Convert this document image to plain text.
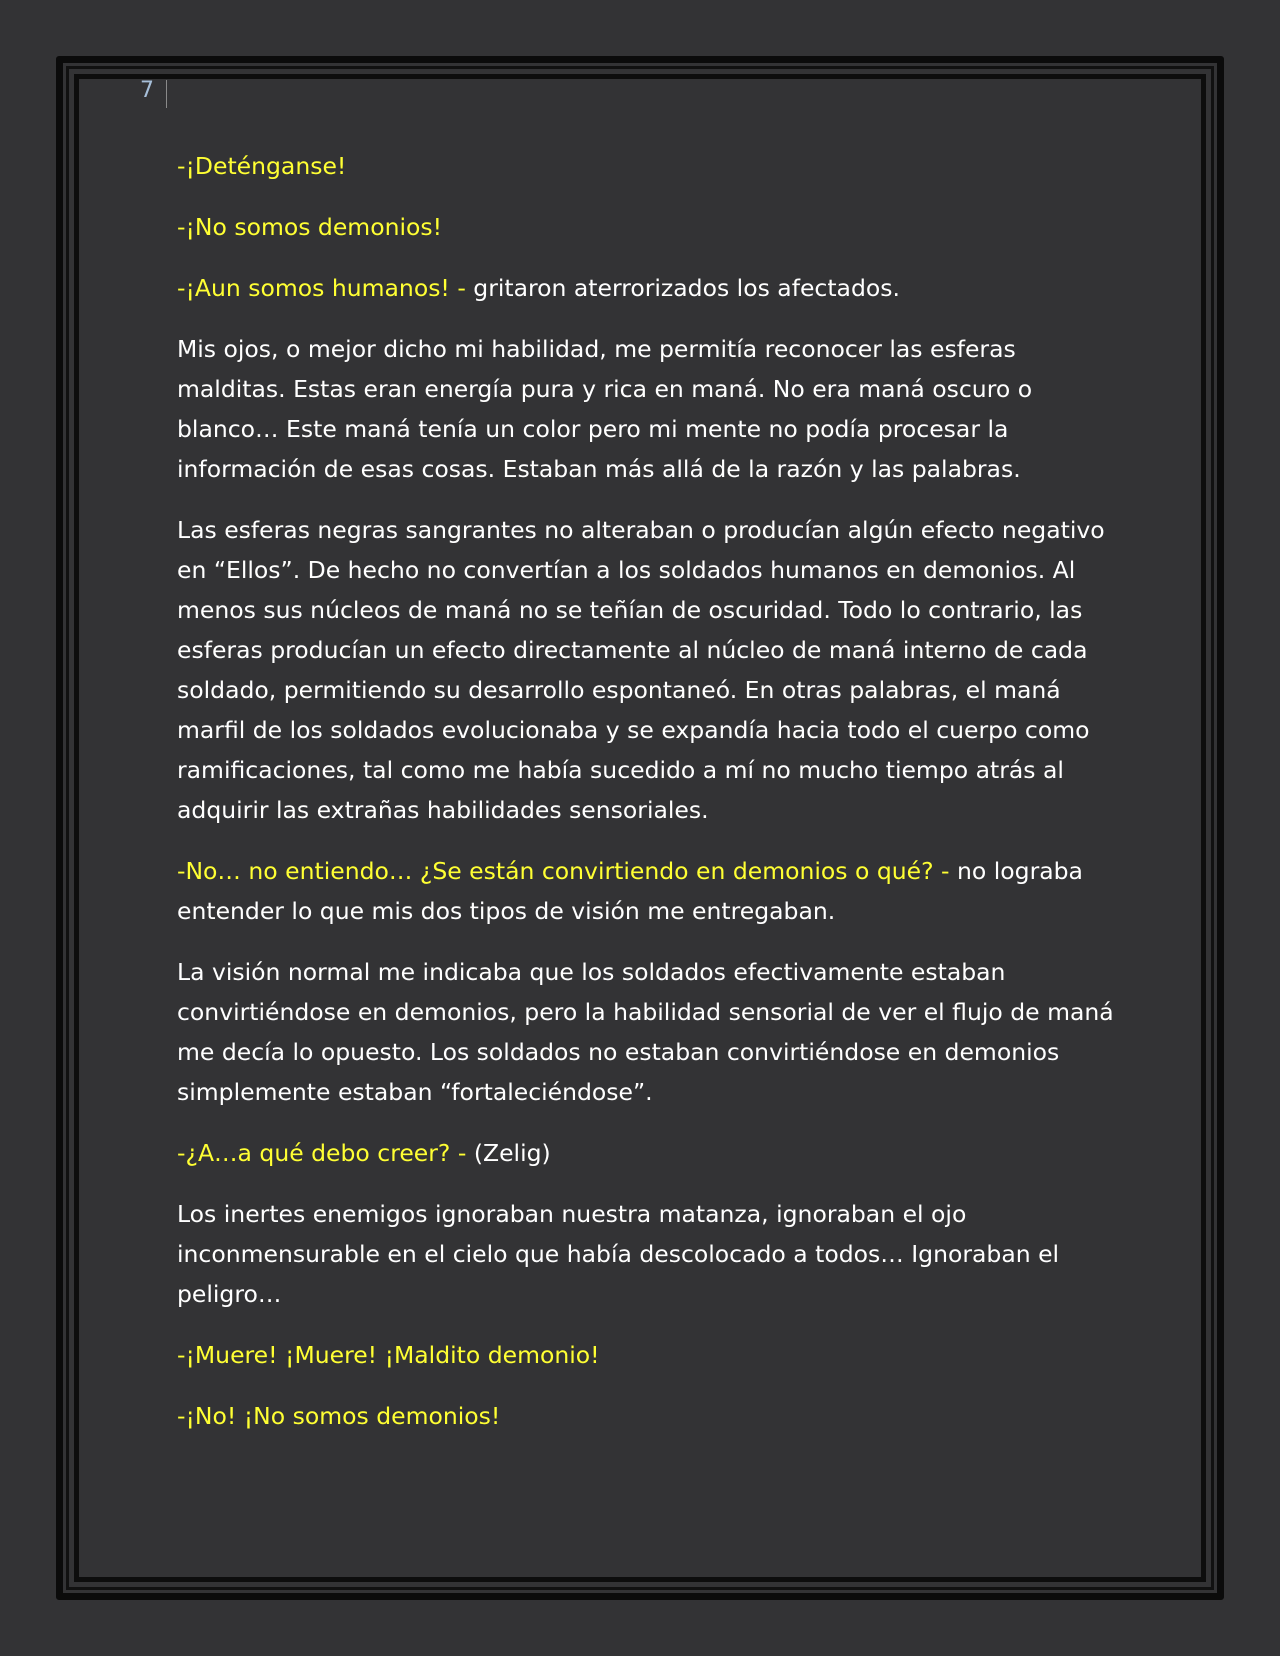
7

-¡Deténganse!

-¡No somos demonios!

-¡Aun somos humanos! - gritaron aterrorizados los afectados.

Mis ojos, o mejor dicho mi habilidad, me permitía reconocer las esferas malditas. Estas eran energía pura y rica en maná. No era maná oscuro o blanco… Este maná tenía un color pero mi mente no podía procesar la información de esas cosas. Estaban más allá de la razón y las palabras.

Las esferas negras sangrantes no alteraban o producían algún efecto negativo en “Ellos”. De hecho no convertían a los soldados humanos en demonios. Al menos sus núcleos de maná no se teñían de oscuridad. Todo lo contrario, las esferas producían un efecto directamente al núcleo de maná interno de cada soldado, permitiendo su desarrollo espontaneó. En otras palabras, el maná marfil de los soldados evolucionaba y se expandía hacia todo el cuerpo como ramificaciones, tal como me había sucedido a mí no mucho tiempo atrás al adquirir las extrañas habilidades sensoriales.

-No… no entiendo… ¿Se están convirtiendo en demonios o qué? - no lograba entender lo que mis dos tipos de visión me entregaban.

La visión normal me indicaba que los soldados efectivamente estaban convirtiéndose en demonios, pero la habilidad sensorial de ver el flujo de maná me decía lo opuesto. Los soldados no estaban convirtiéndose en demonios simplemente estaban “fortaleciéndose”.

-¿A…a qué debo creer? - (Zelig)

Los inertes enemigos ignoraban nuestra matanza, ignoraban el ojo inconmensurable en el cielo que había descolocado a todos… Ignoraban el peligro…

-¡Muere! ¡Muere! ¡Maldito demonio!

-¡No! ¡No somos demonios!
